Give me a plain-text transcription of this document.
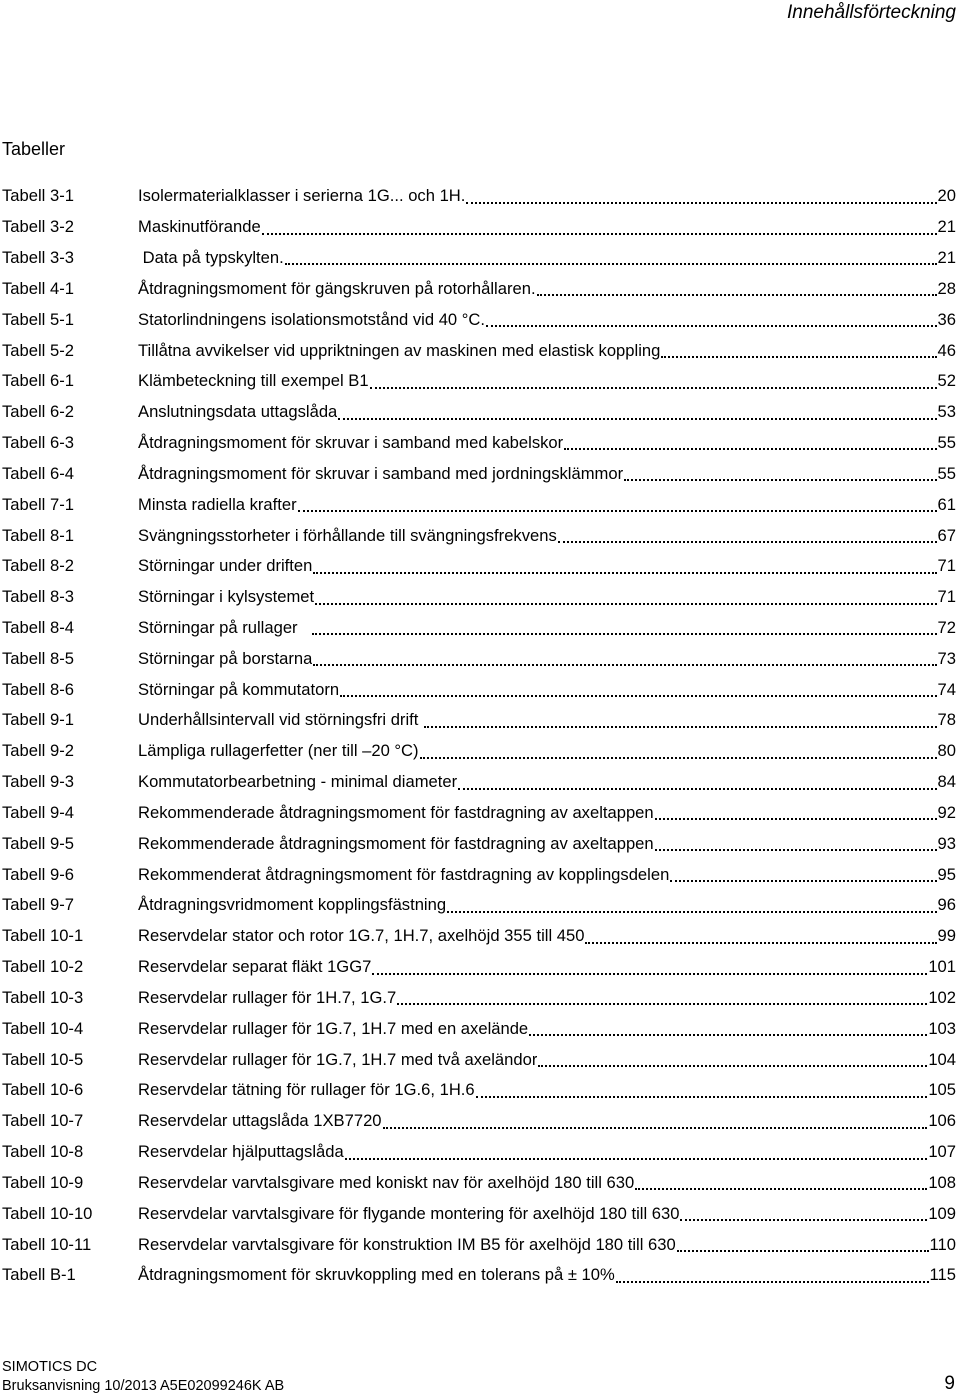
Innehållsförteckning
Tabeller
Tabell 3-1	Isolermaterialklasser i serierna 1G... och 1H.	20
Tabell 3-2	Maskinutförande	21
Tabell 3-3	Data på typskylten.	21
Tabell 4-1	Åtdragningsmoment för gängskruven på rotorhållaren.	28
Tabell 5-1	Statorlindningens isolationsmotstånd vid 40 °C.	36
Tabell 5-2	Tillåtna avvikelser vid uppriktningen av maskinen med elastisk koppling	46
Tabell 6-1	Klämbeteckning till exempel B1	52
Tabell 6-2	Anslutningsdata uttagslåda	53
Tabell 6-3	Åtdragningsmoment för skruvar i samband med kabelskor	55
Tabell 6-4	Åtdragningsmoment för skruvar i samband med jordningsklämmor	55
Tabell 7-1	Minsta radiella krafter	61
Tabell 8-1	Svängningsstorheter i förhållande till svängningsfrekvens	67
Tabell 8-2	Störningar under driften	71
Tabell 8-3	Störningar i kylsystemet	71
Tabell 8-4	Störningar på rullager	72
Tabell 8-5	Störningar på borstarna	73
Tabell 8-6	Störningar på kommutatorn	74
Tabell 9-1	Underhållsintervall vid störningsfri drift	78
Tabell 9-2	Lämpliga rullagerfetter (ner till –20 °C)	80
Tabell 9-3	Kommutatorbearbetning - minimal diameter	84
Tabell 9-4	Rekommenderade åtdragningsmoment för fastdragning av axeltappen	92
Tabell 9-5	Rekommenderade åtdragningsmoment för fastdragning av axeltappen	93
Tabell 9-6	Rekommenderat åtdragningsmoment för fastdragning av kopplingsdelen	95
Tabell 9-7	Åtdragningsvridmoment kopplingsfästning	96
Tabell 10-1	Reservdelar stator och rotor 1G.7, 1H.7, axelhöjd 355 till 450	99
Tabell 10-2	Reservdelar separat fläkt 1GG7	101
Tabell 10-3	Reservdelar rullager för 1H.7, 1G.7	102
Tabell 10-4	Reservdelar rullager för 1G.7, 1H.7 med en axelände	103
Tabell 10-5	Reservdelar rullager för 1G.7, 1H.7 med två axeländor	104
Tabell 10-6	Reservdelar tätning för rullager för 1G.6, 1H.6	105
Tabell 10-7	Reservdelar uttagslåda 1XB7720	106
Tabell 10-8	Reservdelar hjälputtagslåda	107
Tabell 10-9	Reservdelar varvtalsgivare med koniskt nav för axelhöjd 180 till 630	108
Tabell 10-10	Reservdelar varvtalsgivare för flygande montering för axelhöjd 180 till 630	109
Tabell 10-11	Reservdelar varvtalsgivare för konstruktion IM B5 för axelhöjd 180 till 630	110
Tabell B-1	Åtdragningsmoment för skruvkoppling med en tolerans på ± 10%	115
SIMOTICS DC
Bruksanvisning 10/2013 A5E02099246K AB	9
